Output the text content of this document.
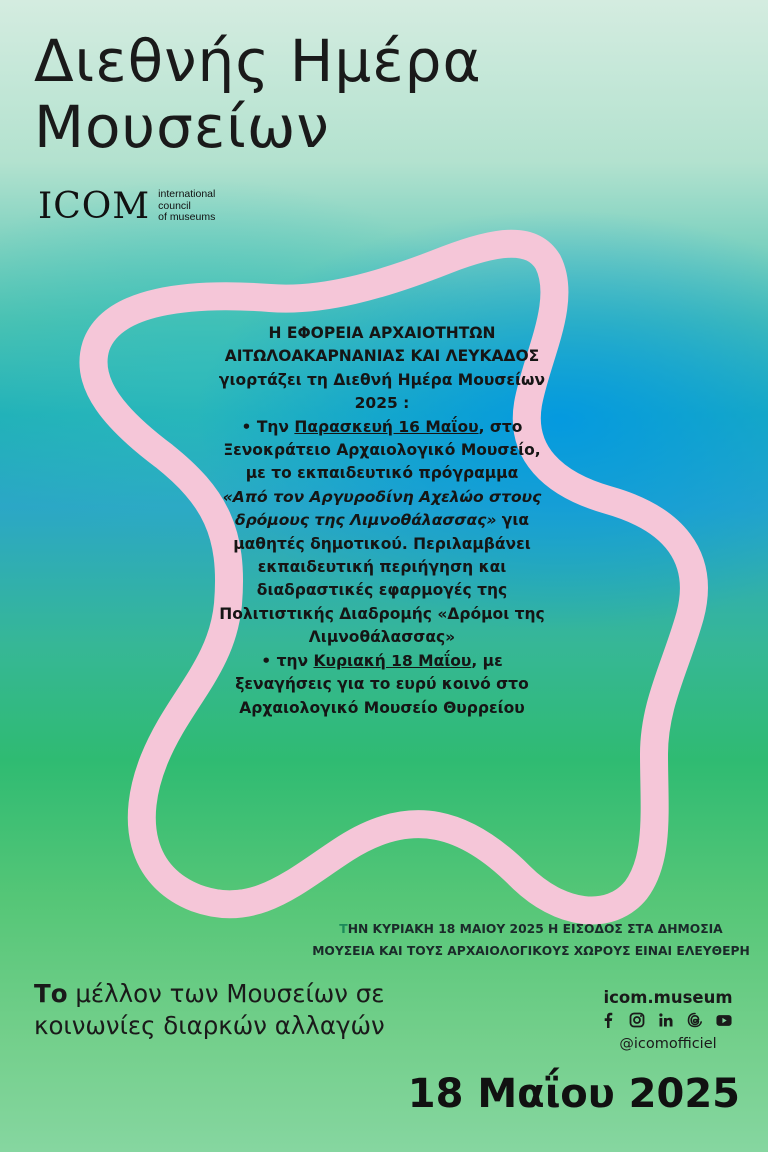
Διεθνής Ημέρα
Μουσείων
ICOM international
council
of museums

Η ΕΦΟΡΕΙΑ ΑΡΧΑΙΟΤΗΤΩΝ

ΑΙΤΩΛΟΑΚΑΡΝΑΝΙΑΣ ΚΑΙ ΛΕΥΚΑΔΟΣ

γιορτάζει τη Διεθνή Ημέρα Μουσείων

2025 :

• Την Παρασκευή 16 Μαΐου, στο

Ξενοκράτειο Αρχαιολογικό Μουσείο,

με το εκπαιδευτικό πρόγραμμα

«Από τον Αργυροδίνη Αχελώο στους

δρόμους της Λιμνοθάλασσας» για

μαθητές δημοτικού. Περιλαμβάνει

εκπαιδευτική περιήγηση και

διαδραστικές εφαρμογές της

Πολιτιστικής Διαδρομής «Δρόμοι της

Λιμνοθάλασσας»

• την Κυριακή 18 Μαΐου, με

ξεναγήσεις για το ευρύ κοινό στο

Αρχαιολογικό Μουσείο Θυρρείου

ΤΗΝ ΚΥΡΙΑΚΗ 18 ΜΑΙΟΥ 2025 Η ΕΙΣΟΔΟΣ ΣΤΑ ΔΗΜΟΣΙΑ
ΜΟΥΣΕΙΑ ΚΑΙ ΤΟΥΣ ΑΡΧΑΙΟΛΟΓΙΚΟΥΣ ΧΩΡΟΥΣ ΕΙΝΑΙ ΕΛΕΥΘΕΡΗ
Το μέλλον των Μουσείων σε
κοινωνίες διαρκών αλλαγών
icom.museum
@icomofficiel
18 Μαΐου 2025
